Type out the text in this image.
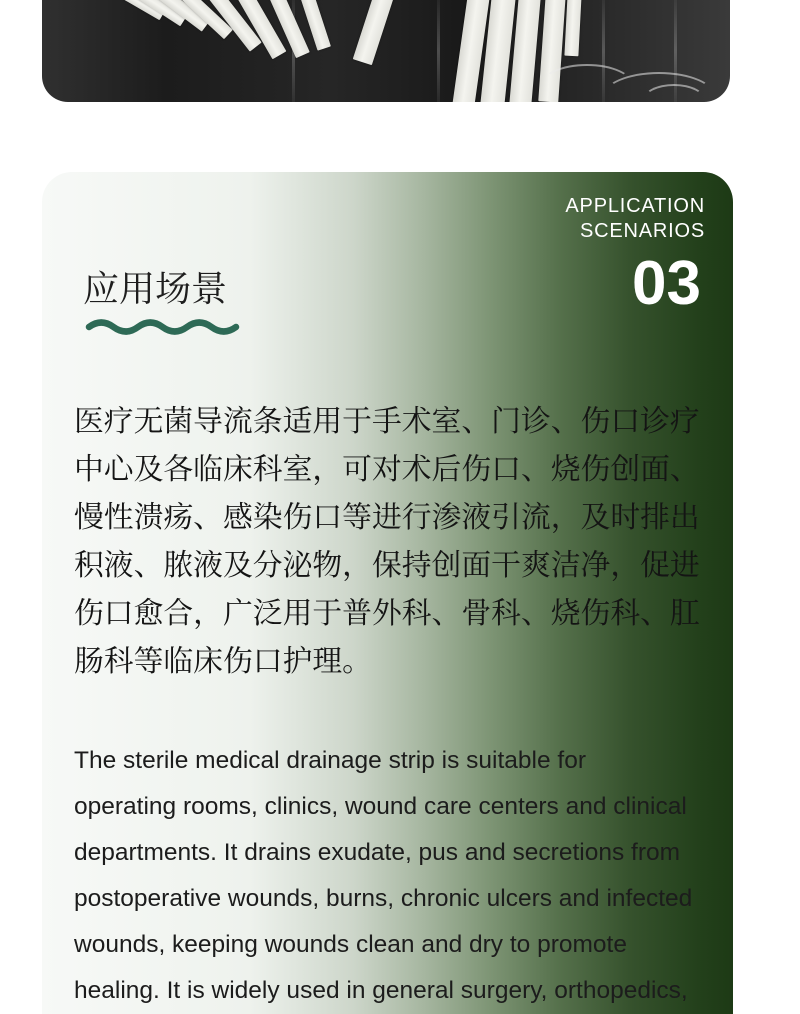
APPLICATION
SCENARIOS
03
应用场景
医疗无菌导流条适用于手术室、门诊、伤口诊疗
中心及各临床科室，可对术后伤口、烧伤创面、
慢性溃疡、感染伤口等进行渗液引流，及时排出
积液、脓液及分泌物，保持创面干爽洁净，促进
伤口愈合，广泛用于普外科、骨科、烧伤科、肛
肠科等临床伤口护理。
The sterile medical drainage strip is suitable for
operating rooms, clinics, wound care centers and clinical
departments. It drains exudate, pus and secretions from
postoperative wounds, burns, chronic ulcers and infected
wounds, keeping wounds clean and dry to promote
healing. It is widely used in general surgery, orthopedics,
